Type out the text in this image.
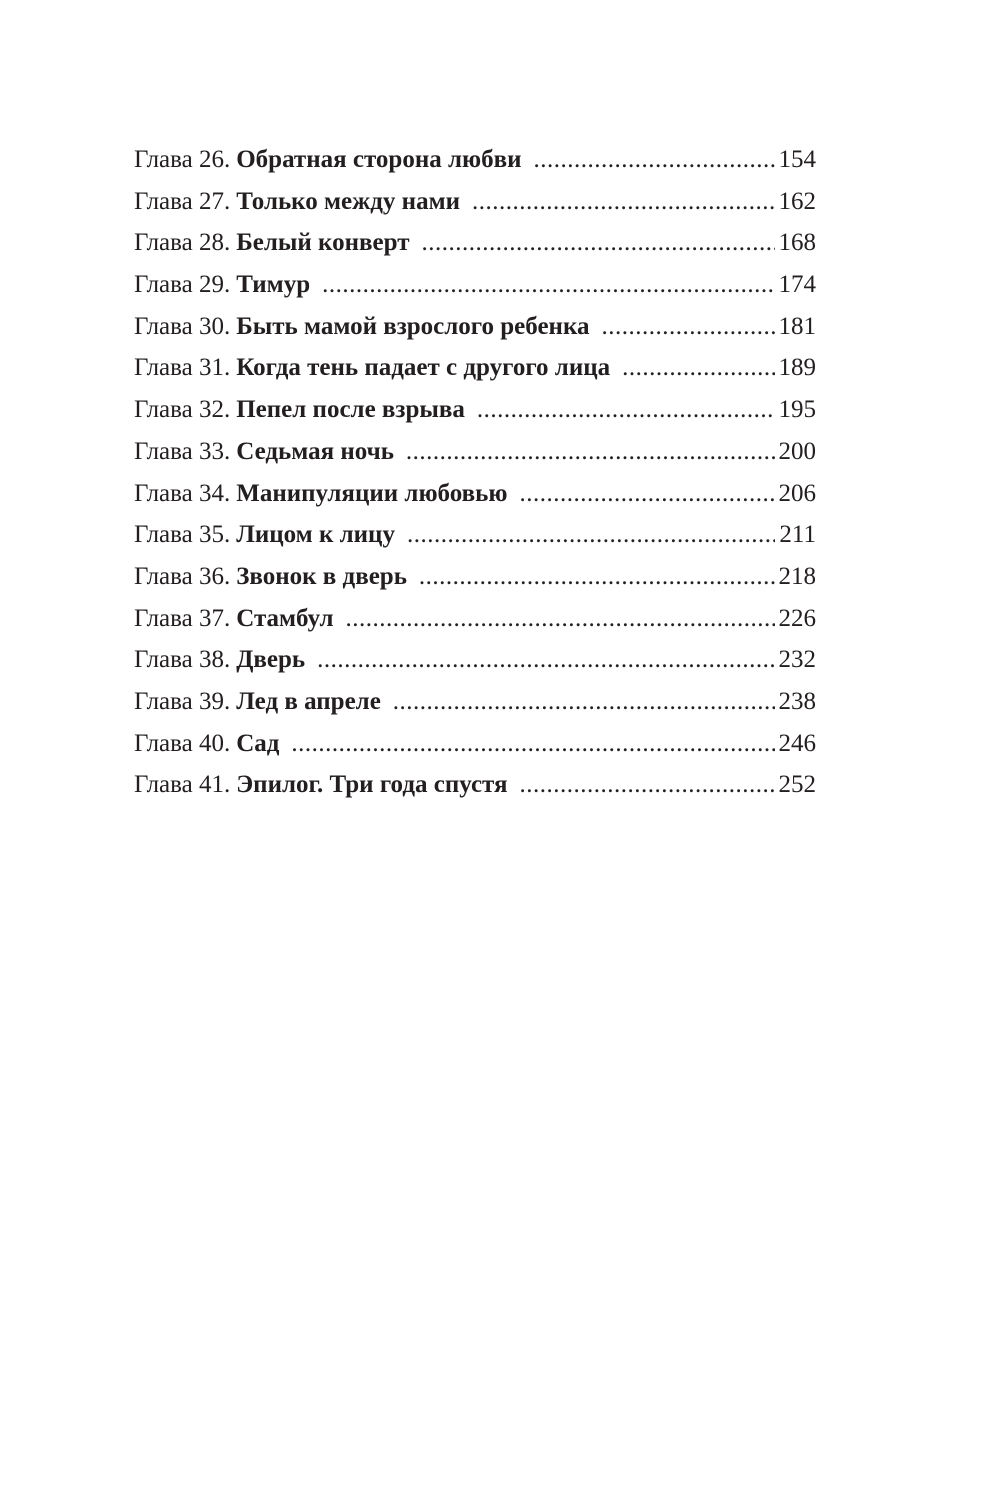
Глава 26. Обратная сторона любви .....	154
Глава 27. Только между нами .....	162
Глава 28. Белый конверт .....	168
Глава 29. Тимур .....	174
Глава 30. Быть мамой взрослого ребенка .....	181
Глава 31. Когда тень падает с другого лица .....	189
Глава 32. Пепел после взрыва .....	195
Глава 33. Седьмая ночь .....	200
Глава 34. Манипуляции любовью .....	206
Глава 35. Лицом к лицу .....	211
Глава 36. Звонок в дверь .....	218
Глава 37. Стамбул .....	226
Глава 38. Дверь .....	232
Глава 39. Лед в апреле .....	238
Глава 40. Сад .....	246
Глава 41. Эпилог. Три года спустя .....	252
